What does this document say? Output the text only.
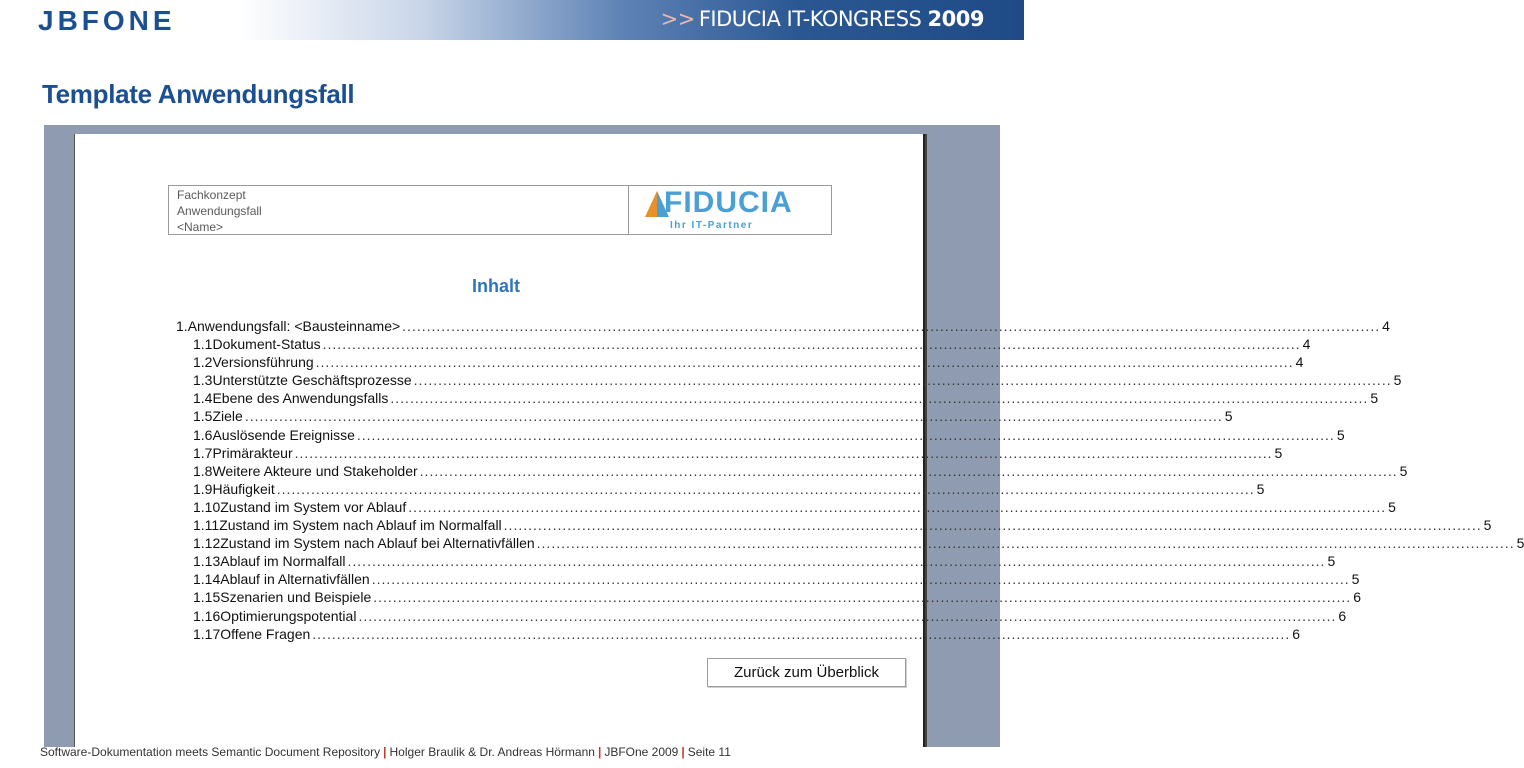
JBFONE	>> FIDUCIA IT-KONGRESS 2009
Template Anwendungsfall
Fachkonzept
Anwendungsfall
<Name>
FIDUCIA
Ihr IT-Partner
Inhalt
1. Anwendungsfall: <Bausteinname> ........................................................................................................................................................................................................ 4
1.1 Dokument-Status ........................................................................................................................................................................................................ 4
1.2 Versionsführung ........................................................................................................................................................................................................ 4
1.3 Unterstützte Geschäftsprozesse ........................................................................................................................................................................................................ 5
1.4 Ebene des Anwendungsfalls ........................................................................................................................................................................................................ 5
1.5 Ziele ........................................................................................................................................................................................................ 5
1.6 Auslösende Ereignisse ........................................................................................................................................................................................................ 5
1.7 Primärakteur ........................................................................................................................................................................................................ 5
1.8 Weitere Akteure und Stakeholder ........................................................................................................................................................................................................ 5
1.9 Häufigkeit ........................................................................................................................................................................................................ 5
1.10 Zustand im System vor Ablauf ........................................................................................................................................................................................................ 5
1.11 Zustand im System nach Ablauf im Normalfall ........................................................................................................................................................................................................ 5
1.12 Zustand im System nach Ablauf bei Alternativfällen ........................................................................................................................................................................................................ 5
1.13 Ablauf im Normalfall ........................................................................................................................................................................................................ 5
1.14 Ablauf in Alternativfällen ........................................................................................................................................................................................................ 5
1.15 Szenarien und Beispiele ........................................................................................................................................................................................................ 6
1.16 Optimierungspotential ........................................................................................................................................................................................................ 6
1.17 Offene Fragen ........................................................................................................................................................................................................ 6
Zurück zum Überblick
Software-Dokumentation meets Semantic Document Repository | Holger Braulik & Dr. Andreas Hörmann | JBFOne 2009 | Seite 11
